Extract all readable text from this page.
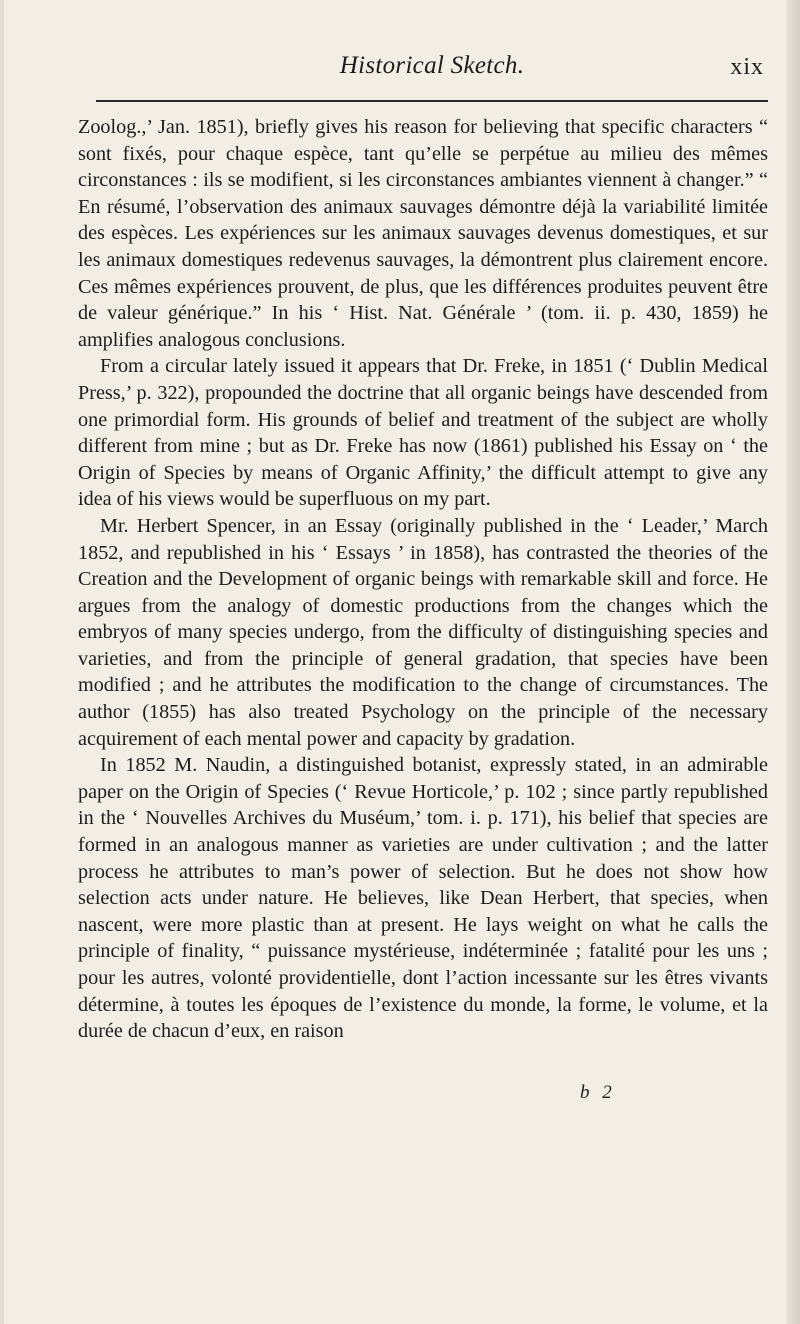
Historical Sketch.	xix

Zoolog.,’ Jan. 1851), briefly gives his reason for believing that specific characters “ sont fixés, pour chaque espèce, tant qu’elle se perpétue au milieu des mêmes circonstances : ils se modifient, si les circonstances ambiantes viennent à changer.” “ En résumé, l’observation des animaux sauvages démontre déjà la variabilité limitée des espèces. Les expériences sur les animaux sauvages devenus domestiques, et sur les animaux domestiques redevenus sauvages, la démontrent plus clairement encore. Ces mêmes expériences prouvent, de plus, que les différences produites peuvent être de valeur générique.” In his ‘ Hist. Nat. Générale ’ (tom. ii. p. 430, 1859) he amplifies analogous conclusions.

From a circular lately issued it appears that Dr. Freke, in 1851 (‘ Dublin Medical Press,’ p. 322), propounded the doctrine that all organic beings have descended from one primordial form. His grounds of belief and treatment of the subject are wholly different from mine ; but as Dr. Freke has now (1861) published his Essay on ‘ the Origin of Species by means of Organic Affinity,’ the difficult attempt to give any idea of his views would be superfluous on my part.

Mr. Herbert Spencer, in an Essay (originally published in the ‘ Leader,’ March 1852, and republished in his ‘ Essays ’ in 1858), has contrasted the theories of the Creation and the Development of organic beings with remarkable skill and force. He argues from the analogy of domestic productions from the changes which the embryos of many species undergo, from the difficulty of distinguishing species and varieties, and from the principle of general gradation, that species have been modified ; and he attributes the modification to the change of circumstances. The author (1855) has also treated Psychology on the principle of the necessary acquirement of each mental power and capacity by gradation.

In 1852 M. Naudin, a distinguished botanist, expressly stated, in an admirable paper on the Origin of Species (‘ Revue Horticole,’ p. 102 ; since partly republished in the ‘ Nouvelles Archives du Muséum,’ tom. i. p. 171), his belief that species are formed in an analogous manner as varieties are under cultivation ; and the latter process he attributes to man’s power of selection. But he does not show how selection acts under nature. He believes, like Dean Herbert, that species, when nascent, were more plastic than at present. He lays weight on what he calls the principle of finality, “ puissance mystérieuse, indéterminée ; fatalité pour les uns ; pour les autres, volonté providentielle, dont l’action incessante sur les êtres vivants détermine, à toutes les époques de l’existence du monde, la forme, le volume, et la durée de chacun d’eux, en raison

b 2
